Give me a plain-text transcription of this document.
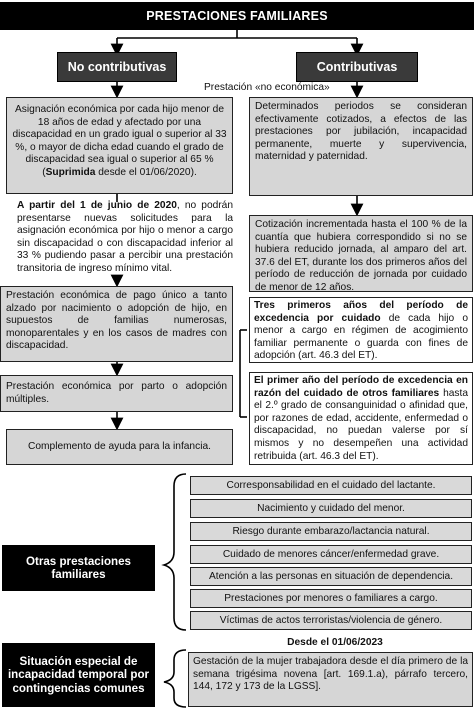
PRESTACIONES FAMILIARES
No contributivas	Contributivas
Prestación «no económica»
Asignación económica por cada hijo menor de 18 años de edad y afectado por una discapacidad en un grado igual o superior al 33 %, o mayor de dicha edad cuando el grado de discapacidad sea igual o superior al 65 % (Suprimida desde el 01/06/2020).
A partir del 1 de junio de 2020, no podrán presentarse nuevas solicitudes para la asignación económica por hijo o menor a cargo sin discapacidad o con discapacidad inferior al 33 % pudiendo pasar a percibir una prestación transitoria de ingreso mínimo vital.
Prestación económica de pago único a tanto alzado por nacimiento o adopción de hijo, en supuestos de familias numerosas, monoparentales y en los casos de madres con discapacidad.
Prestación económica por parto o adopción múltiples.
Complemento de ayuda para la infancia.
Determinados periodos se consideran efectivamente cotizados, a efectos de las prestaciones por jubilación, incapacidad permanente, muerte y supervivencia, maternidad y paternidad.
Cotización incrementada hasta el 100 % de la cuantía que hubiera correspondido si no se hubiera reducido jornada, al amparo del art. 37.6 del ET, durante los dos primeros años del período de reducción de jornada por cuidado de menor de 12 años.
Tres primeros años del período de excedencia por cuidado de cada hijo o menor a cargo en régimen de acogimiento familiar permanente o guarda con fines de adopción (art. 46.3 del ET).
El primer año del período de excedencia en razón del cuidado de otros familiares hasta el 2.º grado de consanguinidad o afinidad que, por razones de edad, accidente, enfermedad o discapacidad, no puedan valerse por sí mismos y no desempeñen una actividad retribuida (art. 46.3 del ET).
Otras prestaciones familiares
Corresponsabilidad en el cuidado del lactante.
Nacimiento y cuidado del menor.
Riesgo durante embarazo/lactancia natural.
Cuidado de menores cáncer/enfermedad grave.
Atención a las personas en situación de dependencia.
Prestaciones por menores o familiares a cargo.
Víctimas de actos terroristas/violencia de género.
Situación especial de incapacidad temporal por contingencias comunes
Desde el 01/06/2023
Gestación de la mujer trabajadora desde el día primero de la semana trigésima novena [art. 169.1.a), párrafo tercero, 144, 172 y 173 de la LGSS].
